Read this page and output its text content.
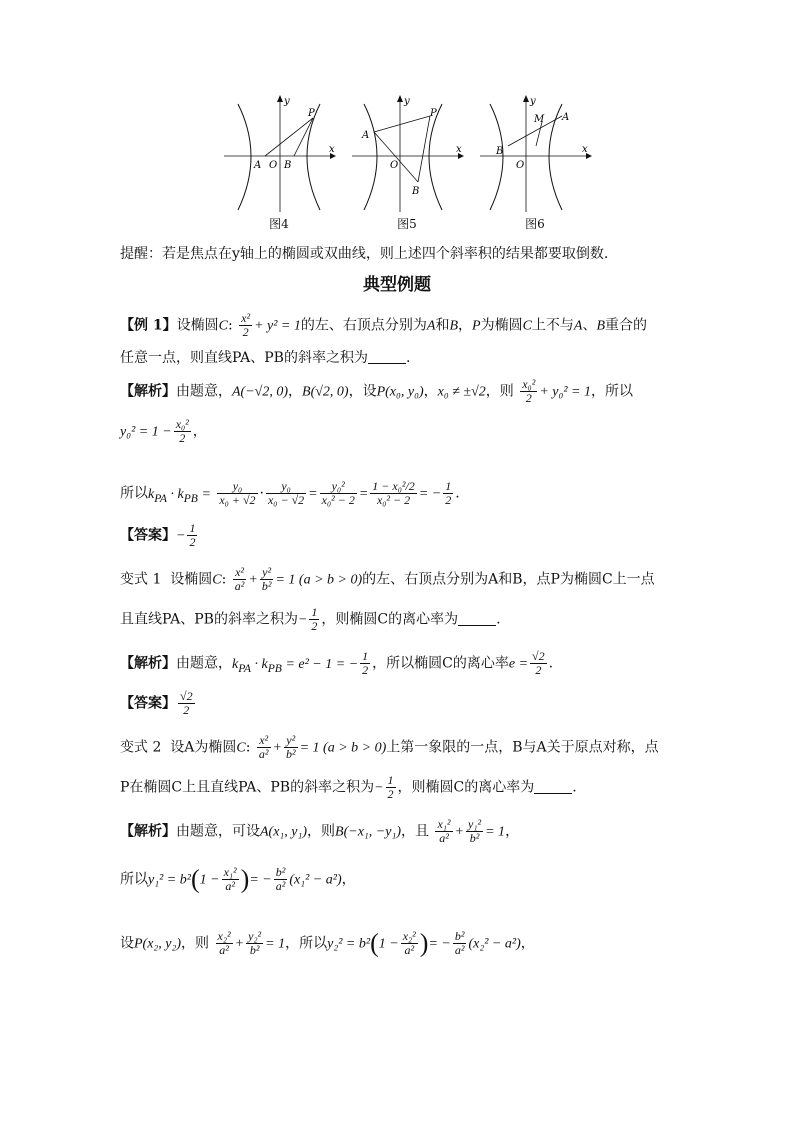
y
x
O
A B
P
图4
y
x
O
A
B
P
图5
y
x
O
B
M A
图6
提醒：若是焦点在y轴上的椭圆或双曲线，则上述四个斜率积的结果都要取倒数.
典型例题
【例 1】设椭圆C: $\frac{\text{x²}}{2} + y^2 = 1$的左、右顶点分别为A和B，P为椭圆C上不与A、B重合的
任意一点，则直线PA、PB的斜率之积为	.
【解析】由题意，A(−√2, 0)，B(√2, 0)，设P(x₀, y₀)，x₀ ≠ ±√2，则 $\frac{\text{x₀²}}{2} + y_0^2 = 1$，所以
$y_0^2 = 1 - \frac{\text{x₀²}}{2}$ ，
所以$k_{PA} \cdot k_{PB} = \frac{\text{y₀}}{\text{x₀ + √2}} \cdot \frac{\text{y₀}}{\text{x₀ − √2}} = \frac{\text{y₀²}}{\text{x₀² − 2}} = \frac{\text{1 − x₀²/2}}{\text{x₀² − 2}}$ = − $\frac{1}{2}$ .
【答案】− $\frac{1}{2}$
变式 1 设椭圆C: $\frac{\text{x²}}{\text{a²}} + \frac{\text{y²}}{\text{b²}} = 1$ (a > b > 0)的左、右顶点分别为A和B，点P为椭圆C上一点
且直线PA、PB的斜率之积为− $\frac{1}{2}$ ，则椭圆C的离心率为	.
【解析】由题意，$k_{PA} \cdot k_{PB} = e^2 - 1$ = − $\frac{1}{2}$ ，所以椭圆C的离心率$e = \frac{√2}{2}$ .
【答案】 $\frac{√2}{2}$
变式 2 设A为椭圆C: $\frac{\text{x²}}{\text{a²}} + \frac{\text{y²}}{\text{b²}} = 1$ (a > b > 0)上第一象限的一点，B与A关于原点对称，点
P在椭圆C上且直线PA、PB的斜率之积为− $\frac{1}{2}$ ，则椭圆C的离心率为	.
【解析】由题意，可设A(x₁, y₁)，则B(−x₁, −y₁)，且 $\frac{\text{x₁²}}{\text{a²}} + \frac{\text{y₁²}}{\text{b²}} = 1$，
所以$y_1^2 = b^2(1 - \frac{\text{x₁²}}{\text{a²}}$ )= − $\frac{\text{b²}}{\text{a²}} (x_1^2 - a^2)$，
设P(x₂, y₂)，则 $\frac{\text{x₂²}}{\text{a²}} + \frac{\text{y₂²}}{\text{b²}} = 1$，所以$y_2^2 = b^2(1 - \frac{\text{x₂²}}{\text{a²}}$ )= − $\frac{\text{b²}}{\text{a²}} (x_2^2 - a^2)$，
